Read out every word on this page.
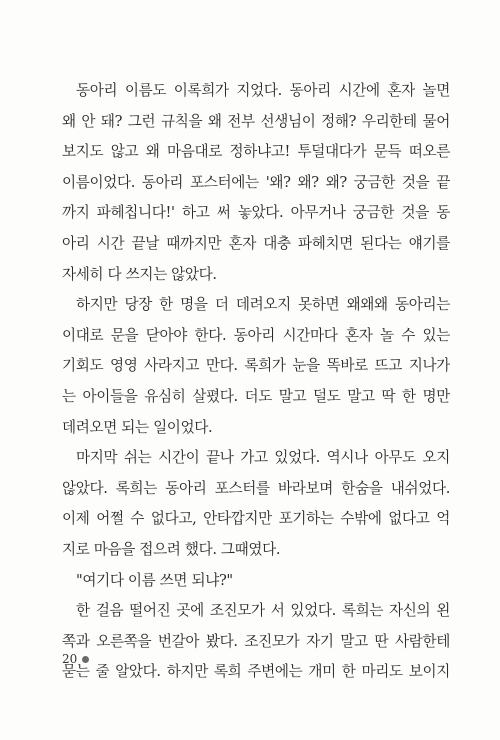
동아리 이름도 이록희가 지었다. 동아리 시간에 혼자 놀면
왜 안 돼? 그런 규칙을 왜 전부 선생님이 정해? 우리한테 물어
보지도 않고 왜 마음대로 정하냐고! 투덜대다가 문득 떠오른
이름이었다. 동아리 포스터에는 '왜? 왜? 왜? 궁금한 것을 끝
까지 파헤칩니다!' 하고 써 놓았다. 아무거나 궁금한 것을 동
아리 시간 끝날 때까지만 혼자 대충 파헤치면 된다는 얘기를
자세히 다 쓰지는 않았다.
하지만 당장 한 명을 더 데려오지 못하면 왜왜왜 동아리는
이대로 문을 닫아야 한다. 동아리 시간마다 혼자 놀 수 있는
기회도 영영 사라지고 만다. 록희가 눈을 똑바로 뜨고 지나가
는 아이들을 유심히 살폈다. 더도 말고 덜도 말고 딱 한 명만
데려오면 되는 일이었다.
마지막 쉬는 시간이 끝나 가고 있었다. 역시나 아무도 오지
않았다. 록희는 동아리 포스터를 바라보며 한숨을 내쉬었다.
이제 어쩔 수 없다고, 안타깝지만 포기하는 수밖에 없다고 억
지로 마음을 접으려 했다. 그때였다.
"여기다 이름 쓰면 되냐?"
한 걸음 떨어진 곳에 조진모가 서 있었다. 록희는 자신의 왼
쪽과 오른쪽을 번갈아 봤다. 조진모가 자기 말고 딴 사람한테
묻는 줄 알았다. 하지만 록희 주변에는 개미 한 마리도 보이지
20
